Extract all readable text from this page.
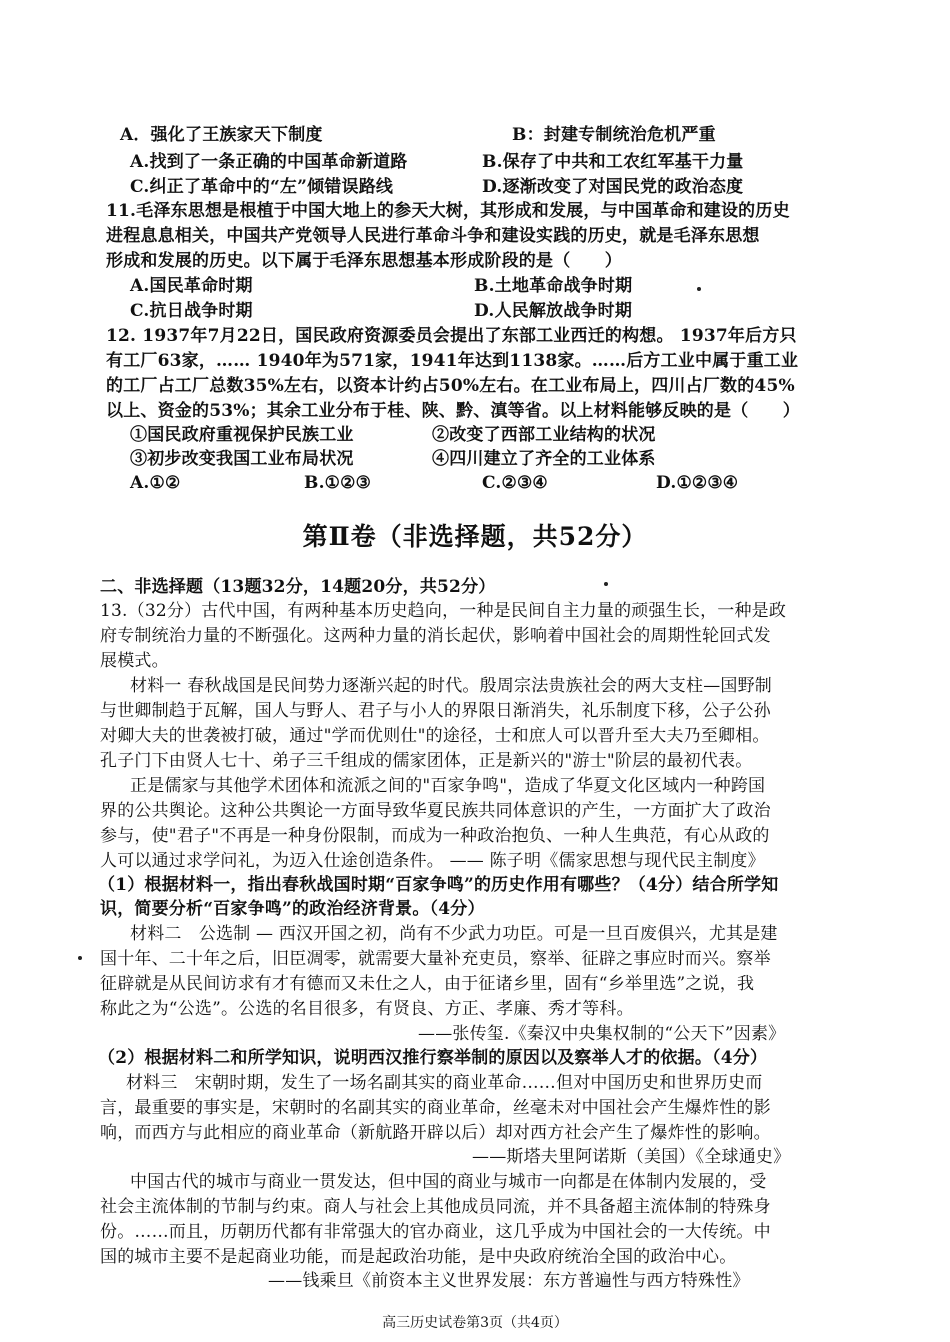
A．强化了王族家天下制度	B：封建专制统治危机严重
A.找到了一条正确的中国革命新道路	B.保存了中共和工农红军基干力量
C.纠正了革命中的“左”倾错误路线	D.逐渐改变了对国民党的政治态度
11.毛泽东思想是根植于中国大地上的参天大树，其形成和发展，与中国革命和建设的历史
进程息息相关，中国共产党领导人民进行革命斗争和建设实践的历史，就是毛泽东思想
形成和发展的历史。以下属于毛泽东思想基本形成阶段的是（　　）
A.国民革命时期	B.土地革命战争时期
C.抗日战争时期	D.人民解放战争时期
12. 1937年7月22日，国民政府资源委员会提出了东部工业西迁的构想。 1937年后方只
有工厂63家，…… 1940年为571家，1941年达到1138家。……后方工业中属于重工业
的工厂占工厂总数35%左右，以资本计约占50%左右。在工业布局上，四川占厂数的45%
以上、资金的53%；其余工业分布于桂、陕、黔、滇等省。以上材料能够反映的是（　　）
①国民政府重视保护民族工业	②改变了西部工业结构的状况
③初步改变我国工业布局状况	④四川建立了齐全的工业体系
A.①②	B.①②③	C.②③④	D.①②③④
第Ⅱ卷（非选择题，共52分）
二、非选择题（13题32分，14题20分，共52分）
13.（32分）古代中国，有两种基本历史趋向，一种是民间自主力量的顽强生长，一种是政
府专制统治力量的不断强化。这两种力量的消长起伏，影响着中国社会的周期性轮回式发
展模式。
材料一 春秋战国是民间势力逐渐兴起的时代。殷周宗法贵族社会的两大支柱—国野制
与世卿制趋于瓦解，国人与野人、君子与小人的界限日渐消失，礼乐制度下移，公子公孙
对卿大夫的世袭被打破，通过"学而优则仕"的途径，士和庶人可以晋升至大夫乃至卿相。
孔子门下由贤人七十、弟子三千组成的儒家团体，正是新兴的"游士"阶层的最初代表。
正是儒家与其他学术团体和流派之间的"百家争鸣"，造成了华夏文化区域内一种跨国
界的公共舆论。这种公共舆论一方面导致华夏民族共同体意识的产生，一方面扩大了政治
参与，使"君子"不再是一种身份限制，而成为一种政治抱负、一种人生典范，有心从政的
人可以通过求学问礼，为迈入仕途创造条件。 —— 陈子明《儒家思想与现代民主制度》
（1）根据材料一，指出春秋战国时期“百家争鸣”的历史作用有哪些？（4分）结合所学知
识，简要分析“百家争鸣”的政治经济背景。（4分）
材料二　公选制 — 西汉开国之初，尚有不少武力功臣。可是一旦百废俱兴，尤其是建
国十年、二十年之后，旧臣凋零，就需要大量补充吏员，察举、征辟之事应时而兴。察举
征辟就是从民间访求有才有德而又未仕之人，由于征诸乡里，固有“乡举里选”之说，我
称此之为“公选”。公选的名目很多，有贤良、方正、孝廉、秀才等科。
——张传玺.《秦汉中央集权制的“公天下”因素》
（2）根据材料二和所学知识，说明西汉推行察举制的原因以及察举人才的依据。（4分）
材料三　宋朝时期，发生了一场名副其实的商业革命……但对中国历史和世界历史而
言，最重要的事实是，宋朝时的名副其实的商业革命，丝毫未对中国社会产生爆炸性的影
响，而西方与此相应的商业革命（新航路开辟以后）却对西方社会产生了爆炸性的影响。
——斯塔夫里阿诺斯（美国）《全球通史》
中国古代的城市与商业一贯发达，但中国的商业与城市一向都是在体制内发展的，受
社会主流体制的节制与约束。商人与社会上其他成员同流，并不具备超主流体制的特殊身
份。……而且，历朝历代都有非常强大的官办商业，这几乎成为中国社会的一大传统。中
国的城市主要不是起商业功能，而是起政治功能，是中央政府统治全国的政治中心。
——钱乘旦《前资本主义世界发展：东方普遍性与西方特殊性》
高三历史试卷第3页（共4页）
